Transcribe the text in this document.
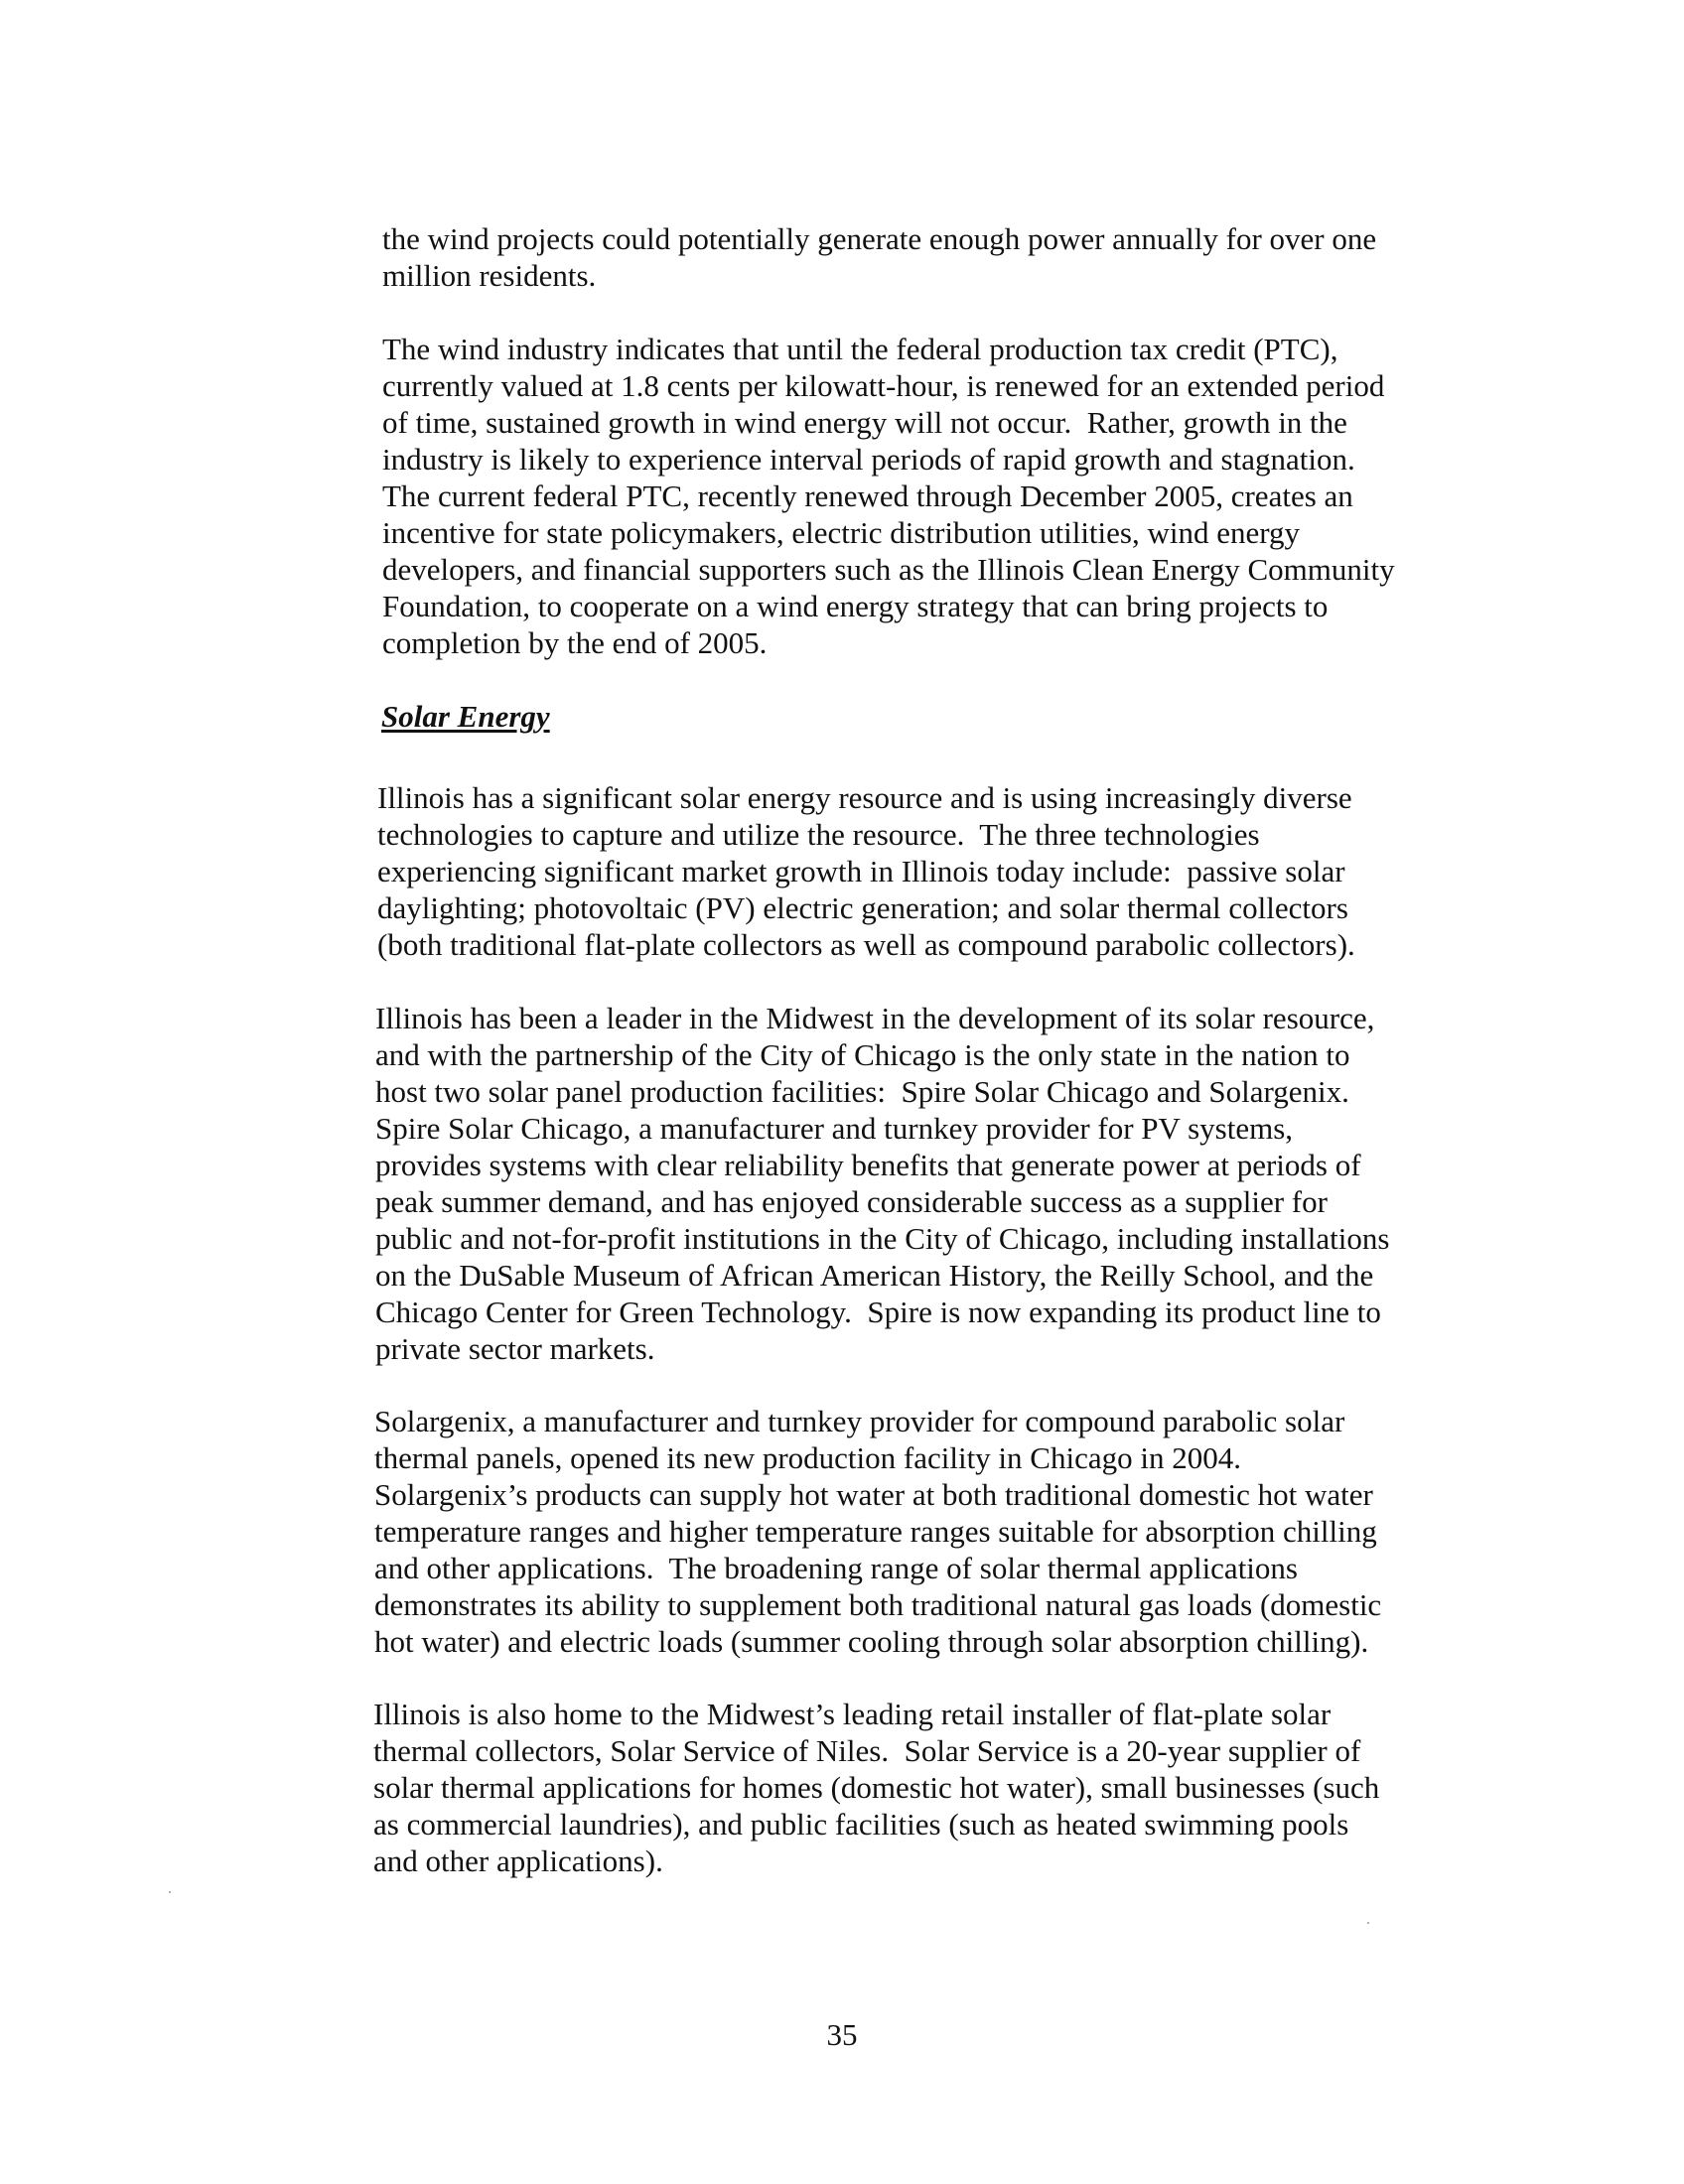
the wind projects could potentially generate enough power annually for over one
million residents.

The wind industry indicates that until the federal production tax credit (PTC),
currently valued at 1.8 cents per kilowatt-hour, is renewed for an extended period
of time, sustained growth in wind energy will not occur.  Rather, growth in the
industry is likely to experience interval periods of rapid growth and stagnation.
The current federal PTC, recently renewed through December 2005, creates an
incentive for state policymakers, electric distribution utilities, wind energy
developers, and financial supporters such as the Illinois Clean Energy Community
Foundation, to cooperate on a wind energy strategy that can bring projects to
completion by the end of 2005.

Solar Energy

Illinois has a significant solar energy resource and is using increasingly diverse
technologies to capture and utilize the resource.  The three technologies
experiencing significant market growth in Illinois today include:  passive solar
daylighting; photovoltaic (PV) electric generation; and solar thermal collectors
(both traditional flat-plate collectors as well as compound parabolic collectors).

Illinois has been a leader in the Midwest in the development of its solar resource,
and with the partnership of the City of Chicago is the only state in the nation to
host two solar panel production facilities:  Spire Solar Chicago and Solargenix.
Spire Solar Chicago, a manufacturer and turnkey provider for PV systems,
provides systems with clear reliability benefits that generate power at periods of
peak summer demand, and has enjoyed considerable success as a supplier for
public and not-for-profit institutions in the City of Chicago, including installations
on the DuSable Museum of African American History, the Reilly School, and the
Chicago Center for Green Technology.  Spire is now expanding its product line to
private sector markets.

Solargenix, a manufacturer and turnkey provider for compound parabolic solar
thermal panels, opened its new production facility in Chicago in 2004.
Solargenix’s products can supply hot water at both traditional domestic hot water
temperature ranges and higher temperature ranges suitable for absorption chilling
and other applications.  The broadening range of solar thermal applications
demonstrates its ability to supplement both traditional natural gas loads (domestic
hot water) and electric loads (summer cooling through solar absorption chilling).

Illinois is also home to the Midwest’s leading retail installer of flat-plate solar
thermal collectors, Solar Service of Niles.  Solar Service is a 20-year supplier of
solar thermal applications for homes (domestic hot water), small businesses (such
as commercial laundries), and public facilities (such as heated swimming pools
and other applications).

35
